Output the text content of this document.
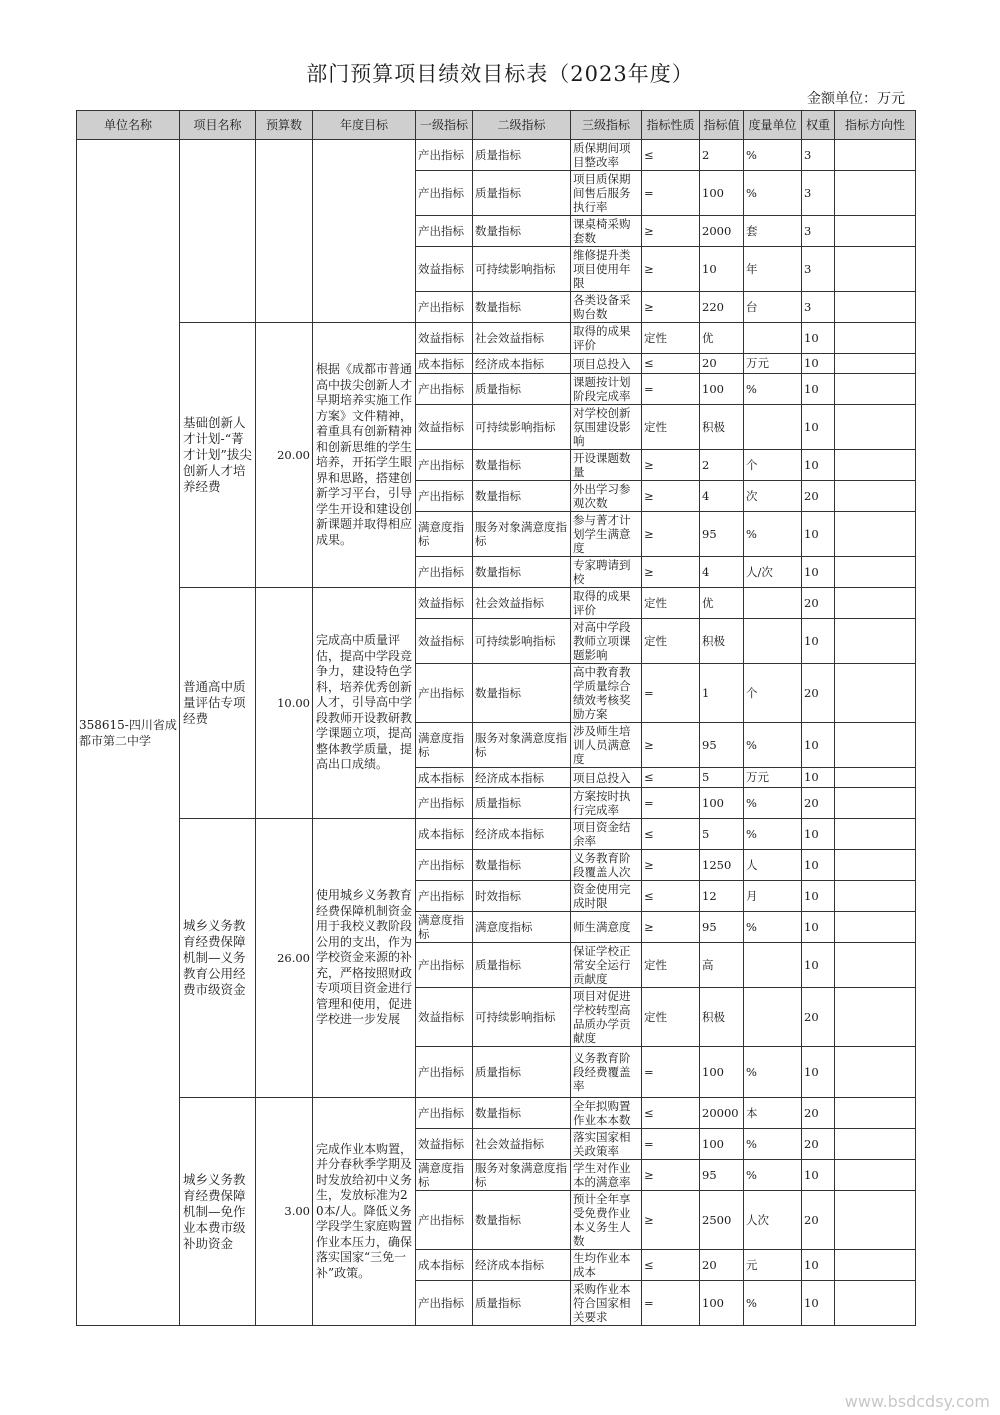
部门预算项目绩效目标表（2023年度）
金额单位：万元
单位名称	项目名称	预算数	年度目标	一级指标	二级指标	三级指标	指标性质	指标值	度量单位	权重	指标方向性
358615-四川省成都市第二中学				产出指标	质量指标	质保期间项目整改率	≤	2	%	3	
				产出指标	质量指标	项目质保期间售后服务执行率	=	100	%	3	
				产出指标	数量指标	课桌椅采购套数	≥	2000	套	3	
				效益指标	可持续影响指标	维修提升类项目使用年限	≥	10	年	3	
				产出指标	数量指标	各类设备采购台数	≥	220	台	3	
	基础创新人才计划-“菁才计划”拔尖创新人才培养经费	20.00	根据《成都市普通高中拔尖创新人才早期培养实施工作方案》文件精神，着重具有创新精神和创新思维的学生培养，开拓学生眼界和思路，搭建创新学习平台，引导学生开设和建设创新课题并取得相应成果。	效益指标	社会效益指标	取得的成果评价	定性	优		10	
				成本指标	经济成本指标	项目总投入	≤	20	万元	10	
				产出指标	质量指标	课题按计划阶段完成率	=	100	%	10	
				效益指标	可持续影响指标	对学校创新氛围建设影响	定性	积极		10	
				产出指标	数量指标	开设课题数量	≥	2	个	10	
				产出指标	数量指标	外出学习参观次数	≥	4	次	20	
				满意度指标	服务对象满意度指标	参与菁才计划学生满意度	≥	95	%	10	
				产出指标	数量指标	专家聘请到校	≥	4	人/次	10	
	普通高中质量评估专项经费	10.00	完成高中质量评估，提高中学段竞争力，建设特色学科，培养优秀创新人才，引导高中学段教师开设教研教学课题立项，提高整体教学质量，提高出口成绩。	效益指标	社会效益指标	取得的成果评价	定性	优		20	
				效益指标	可持续影响指标	对高中学段教师立项课题影响	定性	积极		10	
				产出指标	数量指标	高中教育教学质量综合绩效考核奖励方案	=	1	个	20	
				满意度指标	服务对象满意度指标	涉及师生培训人员满意度	≥	95	%	10	
				成本指标	经济成本指标	项目总投入	≤	5	万元	10	
				产出指标	质量指标	方案按时执行完成率	=	100	%	20	
	城乡义务教育经费保障机制—义务教育公用经费市级资金	26.00	使用城乡义务教育经费保障机制资金用于我校义教阶段公用的支出，作为学校资金来源的补充，严格按照财政专项项目资金进行管理和使用，促进学校进一步发展	成本指标	经济成本指标	项目资金结余率	≤	5	%	10	
				产出指标	数量指标	义务教育阶段覆盖人次	≥	1250	人	10	
				产出指标	时效指标	资金使用完成时限	≤	12	月	10	
				满意度指标	满意度指标	师生满意度	≥	95	%	10	
				产出指标	质量指标	保证学校正常安全运行贡献度	定性	高		10	
				效益指标	可持续影响指标	项目对促进学校转型高品质办学贡献度	定性	积极		20	
				产出指标	质量指标	义务教育阶段经费覆盖率	=	100	%	10	
	城乡义务教育经费保障机制—免作业本费市级补助资金	3.00	完成作业本购置，并分春秋季学期及时发放给初中义务生，发放标准为20本/人。降低义务学段学生家庭购置作业本压力，确保落实国家“三免一补”政策。	产出指标	数量指标	全年拟购置作业本本数	≤	20000	本	20	
				效益指标	社会效益指标	落实国家相关政策率	=	100	%	20	
				满意度指标	服务对象满意度指标	学生对作业本的满意率	≥	95	%	10	
				产出指标	数量指标	预计全年享受免费作业本义务生人数	≥	2500	人次	20	
				成本指标	经济成本指标	生均作业本成本	≤	20	元	10	
				产出指标	质量指标	采购作业本符合国家相关要求	=	100	%	10	
www.bsdcdsy.com
